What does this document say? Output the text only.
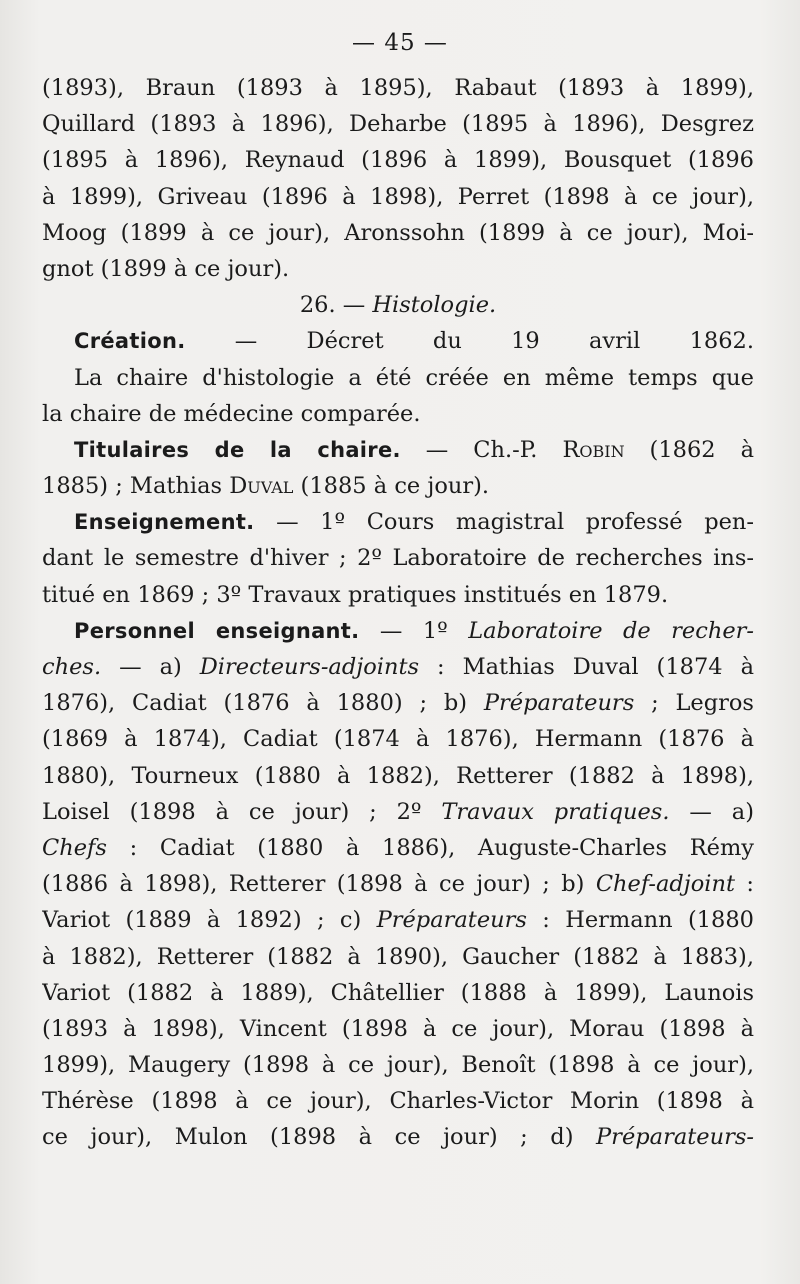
— 45 —
(1893), Braun (1893 à 1895), Rabaut (1893 à 1899),
Quillard (1893 à 1896), Deharbe (1895 à 1896), Desgrez
(1895 à 1896), Reynaud (1896 à 1899), Bousquet (1896
à 1899), Griveau (1896 à 1898), Perret (1898 à ce jour),
Moog (1899 à ce jour), Aronssohn (1899 à ce jour), Moi-
gnot (1899 à ce jour).
26. — Histologie.
Création. — Décret du 19 avril 1862.
La chaire d'histologie a été créée en même temps que
la chaire de médecine comparée.
Titulaires de la chaire. — Ch.-P. Robin (1862 à
1885) ; Mathias Duval (1885 à ce jour).
Enseignement. — 1º Cours magistral professé pen-
dant le semestre d'hiver ; 2º Laboratoire de recherches ins-
titué en 1869 ; 3º Travaux pratiques institués en 1879.
Personnel enseignant. — 1º Laboratoire de recher-
ches. — a) Directeurs-adjoints : Mathias Duval (1874 à
1876), Cadiat (1876 à 1880) ; b) Préparateurs ; Legros
(1869 à 1874), Cadiat (1874 à 1876), Hermann (1876 à
1880), Tourneux (1880 à 1882), Retterer (1882 à 1898),
Loisel (1898 à ce jour) ; 2º Travaux pratiques. — a)
Chefs : Cadiat (1880 à 1886), Auguste-Charles Rémy
(1886 à 1898), Retterer (1898 à ce jour) ; b) Chef-adjoint :
Variot (1889 à 1892) ; c) Préparateurs : Hermann (1880
à 1882), Retterer (1882 à 1890), Gaucher (1882 à 1883),
Variot (1882 à 1889), Châtellier (1888 à 1899), Launois
(1893 à 1898), Vincent (1898 à ce jour), Morau (1898 à
1899), Maugery (1898 à ce jour), Benoît (1898 à ce jour),
Thérèse (1898 à ce jour), Charles-Victor Morin (1898 à
ce jour), Mulon (1898 à ce jour) ; d) Préparateurs-
